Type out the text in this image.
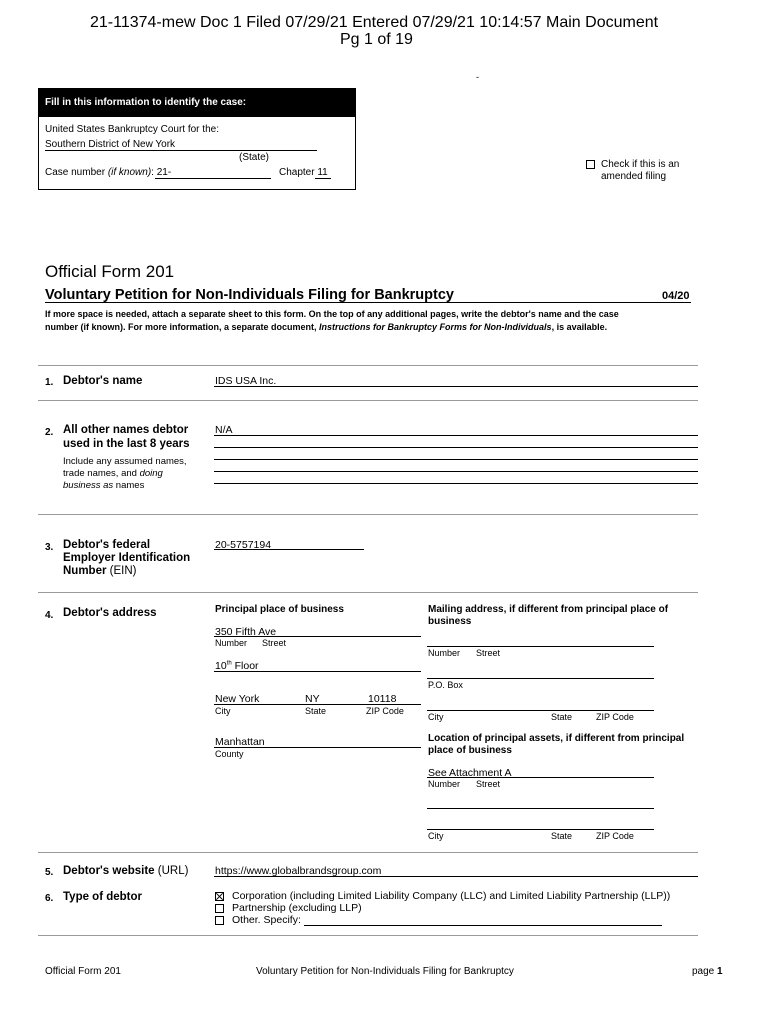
21-11374-mew Doc 1 Filed 07/29/21 Entered 07/29/21 10:14:57 Main Document
Pg 1 of 19
-
Fill in this information to identify the case:
United States Bankruptcy Court for the:
Southern District of New York
(State)
Case number (if known): 21-	Chapter 11
Check if this is an
amended filing
Official Form 201
Voluntary Petition for Non-Individuals Filing for Bankruptcy	04/20
If more space is needed, attach a separate sheet to this form. On the top of any additional pages, write the debtor's name and the case
number (if known). For more information, a separate document, Instructions for Bankruptcy Forms for Non-Individuals, is available.
1. Debtor's name	IDS USA Inc.
2. All other names debtor
used in the last 8 years
Include any assumed names,
trade names, and doing
business as names
N/A
3. Debtor's federal
Employer Identification
Number (EIN)
20-5757194
4. Debtor's address	Principal place of business
350 Fifth Ave
Number Street
10th Floor
New York	NY	10118
City	State	ZIP Code
Manhattan
County
Mailing address, if different from principal place of
business
Number Street
P.O. Box
City	State	ZIP Code
Location of principal assets, if different from principal
place of business
See Attachment A
Number Street
City	State	ZIP Code
5. Debtor's website (URL)	https://www.globalbrandsgroup.com
6. Type of debtor	Corporation (including Limited Liability Company (LLC) and Limited Liability Partnership (LLP))
Partnership (excluding LLP)
Other. Specify:
Official Form 201	Voluntary Petition for Non-Individuals Filing for Bankruptcy	page 1
